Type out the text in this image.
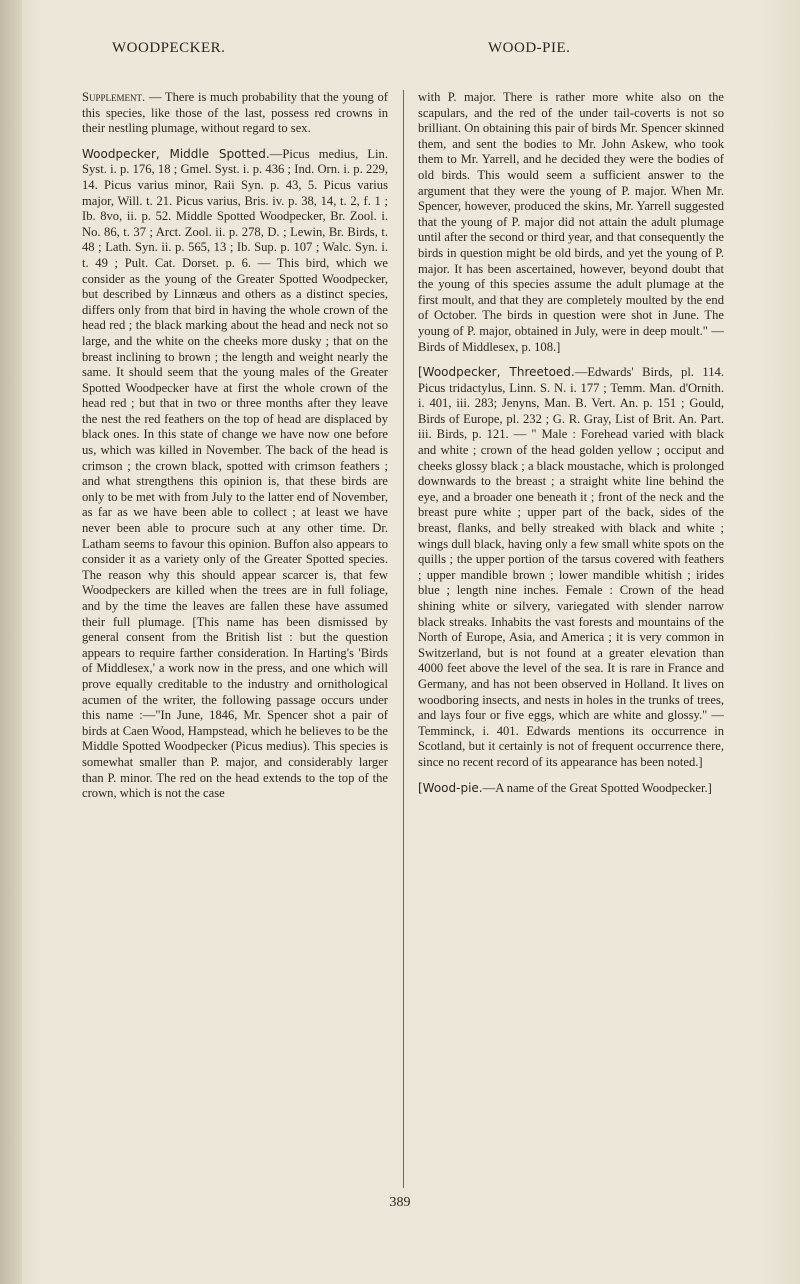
WOODPECKER.	WOOD-PIE.

Supplement. — There is much probability that the young of this species, like those of the last, possess red crowns in their nestling plumage, without regard to sex.

Woodpecker, Middle Spotted.—Picus medius, Lin. Syst. i. p. 176, 18 ; Gmel. Syst. i. p. 436 ; Ind. Orn. i. p. 229, 14. Picus varius minor, Raii Syn. p. 43, 5. Picus varius major, Will. t. 21. Picus varius, Bris. iv. p. 38, 14, t. 2, f. 1 ; Ib. 8vo, ii. p. 52. Middle Spotted Woodpecker, Br. Zool. i. No. 86, t. 37 ; Arct. Zool. ii. p. 278, D. ; Lewin, Br. Birds, t. 48 ; Lath. Syn. ii. p. 565, 13 ; Ib. Sup. p. 107 ; Walc. Syn. i. t. 49 ; Pult. Cat. Dorset. p. 6. — This bird, which we consider as the young of the Greater Spotted Woodpecker, but described by Linnæus and others as a distinct species, differs only from that bird in having the whole crown of the head red ; the black marking about the head and neck not so large, and the white on the cheeks more dusky ; that on the breast inclining to brown ; the length and weight nearly the same. It should seem that the young males of the Greater Spotted Woodpecker have at first the whole crown of the head red ; but that in two or three months after they leave the nest the red feathers on the top of head are displaced by black ones. In this state of change we have now one before us, which was killed in November. The back of the head is crimson ; the crown black, spotted with crimson feathers ; and what strengthens this opinion is, that these birds are only to be met with from July to the latter end of November, as far as we have been able to collect ; at least we have never been able to procure such at any other time. Dr. Latham seems to favour this opinion. Buffon also appears to consider it as a variety only of the Greater Spotted species. The reason why this should appear scarcer is, that few Woodpeckers are killed when the trees are in full foliage, and by the time the leaves are fallen these have assumed their full plumage. [This name has been dismissed by general consent from the British list : but the question appears to require farther consideration. In Harting's 'Birds of Middlesex,' a work now in the press, and one which will prove equally creditable to the industry and ornithological acumen of the writer, the following passage occurs under this name :—"In June, 1846, Mr. Spencer shot a pair of birds at Caen Wood, Hampstead, which he believes to be the Middle Spotted Woodpecker (Picus medius). This species is somewhat smaller than P. major, and considerably larger than P. minor. The red on the head extends to the top of the crown, which is not the case

with P. major. There is rather more white also on the scapulars, and the red of the under tail-coverts is not so brilliant. On obtaining this pair of birds Mr. Spencer skinned them, and sent the bodies to Mr. John Askew, who took them to Mr. Yarrell, and he decided they were the bodies of old birds. This would seem a sufficient answer to the argument that they were the young of P. major. When Mr. Spencer, however, produced the skins, Mr. Yarrell suggested that the young of P. major did not attain the adult plumage until after the second or third year, and that consequently the birds in question might be old birds, and yet the young of P. major. It has been ascertained, however, beyond doubt that the young of this species assume the adult plumage at the first moult, and that they are completely moulted by the end of October. The birds in question were shot in June. The young of P. major, obtained in July, were in deep moult." — Birds of Middlesex, p. 108.]

[Woodpecker, Threetoed.—Edwards' Birds, pl. 114. Picus tridactylus, Linn. S. N. i. 177 ; Temm. Man. d'Ornith. i. 401, iii. 283; Jenyns, Man. B. Vert. An. p. 151 ; Gould, Birds of Europe, pl. 232 ; G. R. Gray, List of Brit. An. Part. iii. Birds, p. 121. — " Male : Forehead varied with black and white ; crown of the head golden yellow ; occiput and cheeks glossy black ; a black moustache, which is prolonged downwards to the breast ; a straight white line behind the eye, and a broader one beneath it ; front of the neck and the breast pure white ; upper part of the back, sides of the breast, flanks, and belly streaked with black and white ; wings dull black, having only a few small white spots on the quills ; the upper portion of the tarsus covered with feathers ; upper mandible brown ; lower mandible whitish ; irides blue ; length nine inches. Female : Crown of the head shining white or silvery, variegated with slender narrow black streaks. Inhabits the vast forests and mountains of the North of Europe, Asia, and America ; it is very common in Switzerland, but is not found at a greater elevation than 4000 feet above the level of the sea. It is rare in France and Germany, and has not been observed in Holland. It lives on woodboring insects, and nests in holes in the trunks of trees, and lays four or five eggs, which are white and glossy." — Temminck, i. 401. Edwards mentions its occurrence in Scotland, but it certainly is not of frequent occurrence there, since no recent record of its appearance has been noted.]

[Wood-pie.—A name of the Great Spotted Woodpecker.]

389
